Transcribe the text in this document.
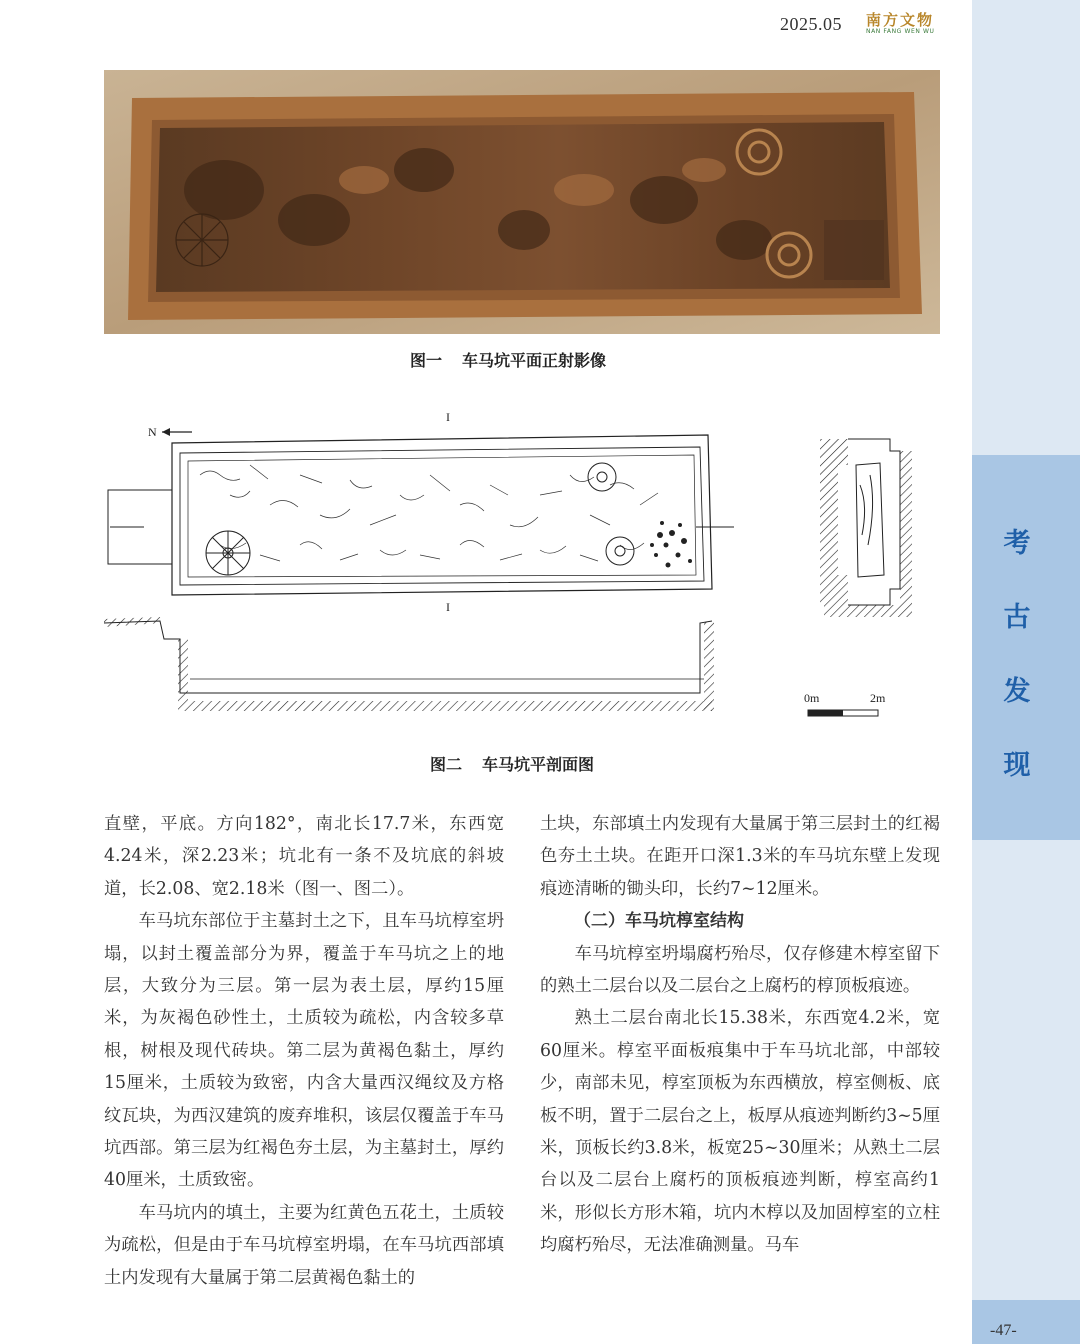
2025.05 南方文物
NAN FANG WEN WU
考
古
发
现
-47-
图一 车马坑平面正射影像
N
I
I
0m	2m
图二 车马坑平剖面图

直壁，平底。方向182°，南北长17.7米，东西宽4.24米，深2.23米；坑北有一条不及坑底的斜坡道，长2.08、宽2.18米（图一、图二）。

车马坑东部位于主墓封土之下，且车马坑椁室坍塌，以封土覆盖部分为界，覆盖于车马坑之上的地层，大致分为三层。第一层为表土层，厚约15厘米，为灰褐色砂性土，土质较为疏松，内含较多草根，树根及现代砖块。第二层为黄褐色黏土，厚约15厘米，土质较为致密，内含大量西汉绳纹及方格纹瓦块，为西汉建筑的废弃堆积，该层仅覆盖于车马坑西部。第三层为红褐色夯土层，为主墓封土，厚约40厘米，土质致密。

车马坑内的填土，主要为红黄色五花土，土质较为疏松，但是由于车马坑椁室坍塌，在车马坑西部填土内发现有大量属于第二层黄褐色黏土的

土块，东部填土内发现有大量属于第三层封土的红褐色夯土土块。在距开口深1.3米的车马坑东壁上发现痕迹清晰的锄头印，长约7~12厘米。

（二）车马坑椁室结构

车马坑椁室坍塌腐朽殆尽，仅存修建木椁室留下的熟土二层台以及二层台之上腐朽的椁顶板痕迹。

熟土二层台南北长15.38米，东西宽4.2米，宽60厘米。椁室平面板痕集中于车马坑北部，中部较少，南部未见，椁室顶板为东西横放，椁室侧板、底板不明，置于二层台之上，板厚从痕迹判断约3~5厘米，顶板长约3.8米，板宽25~30厘米；从熟土二层台以及二层台上腐朽的顶板痕迹判断，椁室高约1米，形似长方形木箱，坑内木椁以及加固椁室的立柱均腐朽殆尽，无法准确测量。马车
